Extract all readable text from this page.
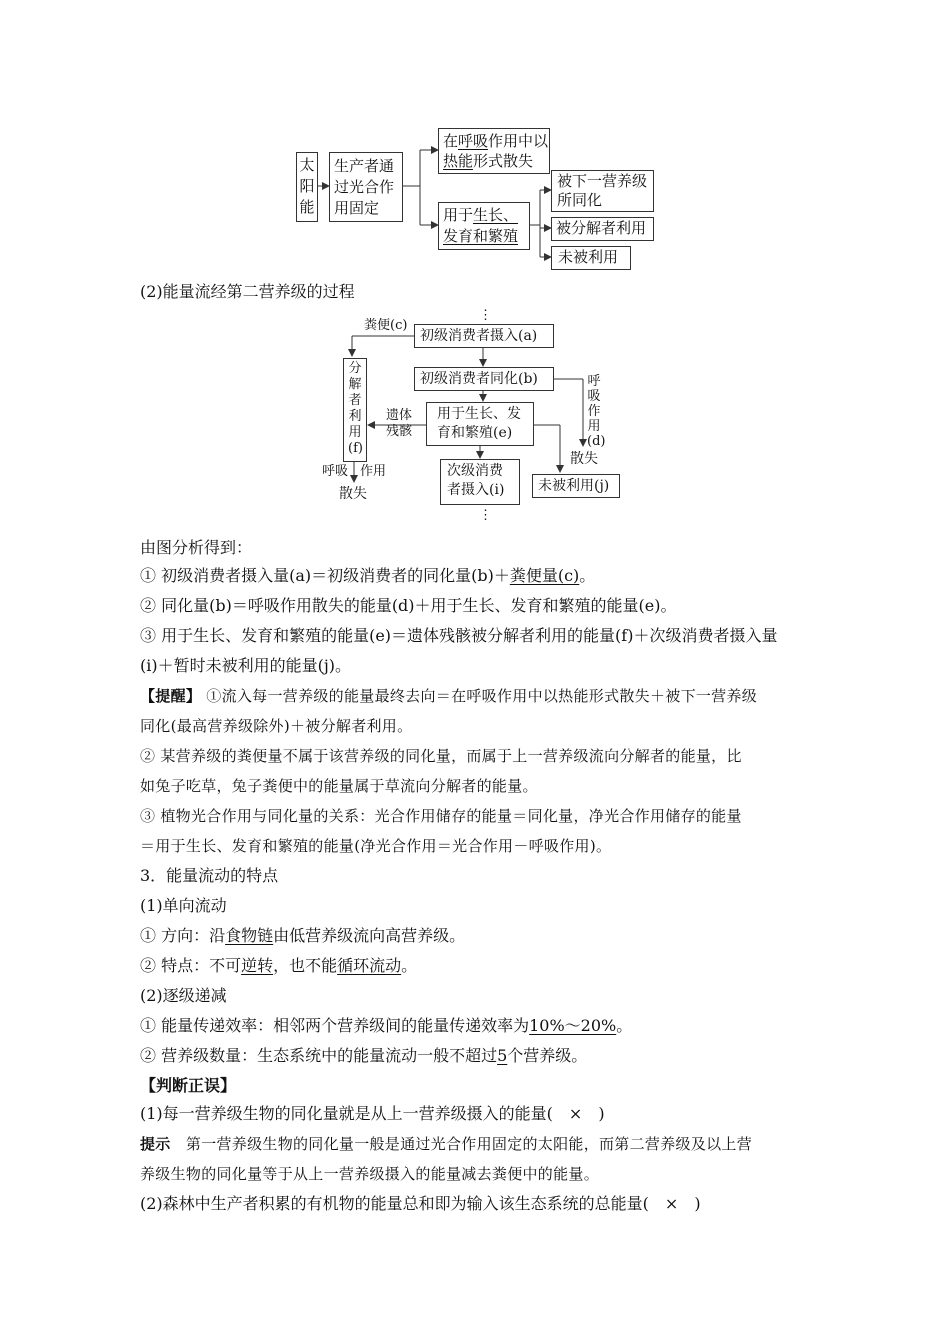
太阳能
生产者通过光合作用固定
在呼吸作用中以
热能形式散失
用于生长、发育和繁殖
被下一营养级所同化
被分解者利用
未被利用
(2)能量流经第二营养级的过程
⋮
⋮
粪便(c)
初级消费者摄入(a)
初级消费者同化(b)
用于生长、发育和繁殖(e)
分解者利用(f)
遗体残骸
呼吸作用(d)
散失
呼吸 作用
散失
次级消费者摄入(i)	未被利用(j)
由图分析得到：
① 初级消费者摄入量(a)＝初级消费者的同化量(b)＋粪便量(c)。
② 同化量(b)＝呼吸作用散失的能量(d)＋用于生长、发育和繁殖的能量(e)。
③ 用于生长、发育和繁殖的能量(e)＝遗体残骸被分解者利用的能量(f)＋次级消费者摄入量
(i)＋暂时未被利用的能量(j)。
【提醒】 ①流入每一营养级的能量最终去向＝在呼吸作用中以热能形式散失＋被下一营养级
同化(最高营养级除外)＋被分解者利用。
② 某营养级的粪便量不属于该营养级的同化量，而属于上一营养级流向分解者的能量，比
如兔子吃草，兔子粪便中的能量属于草流向分解者的能量。
③ 植物光合作用与同化量的关系：光合作用储存的能量＝同化量，净光合作用储存的能量
＝用于生长、发育和繁殖的能量(净光合作用＝光合作用－呼吸作用)。
3．能量流动的特点
(1)单向流动
① 方向：沿食物链由低营养级流向高营养级。
② 特点：不可逆转，也不能循环流动。
(2)逐级递减
① 能量传递效率：相邻两个营养级间的能量传递效率为10%～20%。
② 营养级数量：生态系统中的能量流动一般不超过5个营养级。
【判断正误】
(1)每一营养级生物的同化量就是从上一营养级摄入的能量(　×　)
提示　第一营养级生物的同化量一般是通过光合作用固定的太阳能，而第二营养级及以上营
养级生物的同化量等于从上一营养级摄入的能量减去粪便中的能量。
(2)森林中生产者积累的有机物的能量总和即为输入该生态系统的总能量(　×　)
